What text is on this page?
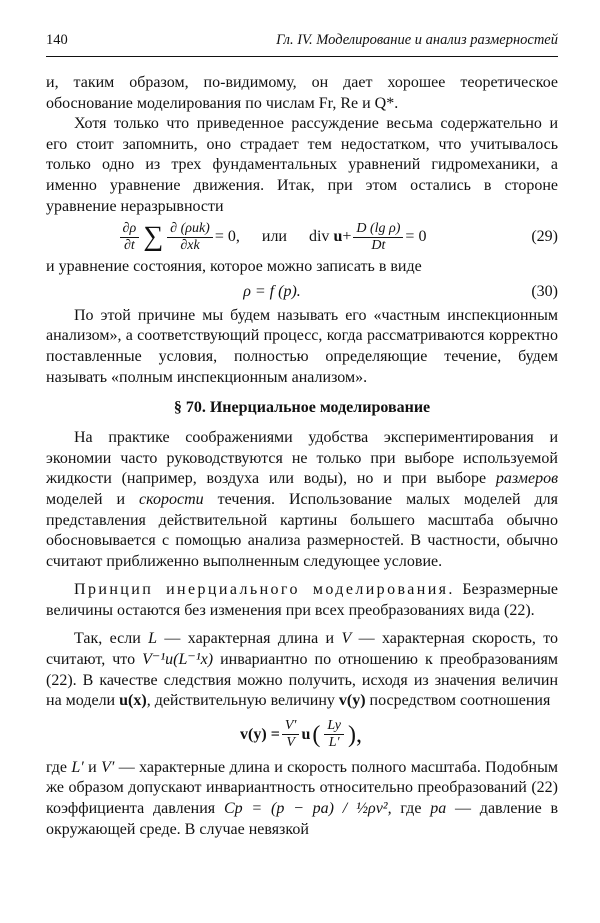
140	Гл. IV. Моделирование и анализ размерностей

и, таким образом, по-видимому, он дает хорошее теоретическое обоснование моделирования по числам Fr, Re и Q*.

Хотя только что приведенное рассуждение весьма содержательно и его стоит запомнить, оно страдает тем недостатком, что учитывалось только одно из трех фундаментальных уравнений гидромеханики, а именно уравнение движения. Итак, при этом остались в стороне уравнение неразрывности

$\frac{\partial\rho}{\partial t}$ ∑ $\frac{\text{∂ (ρuk)}}{\partial xk} = 0$, или div
$u + \frac{\text{D (lg ρ)}}{Dt} = 0$	(29)

и уравнение состояния, которое можно записать в виде

ρ = f (p).	(30)

По этой причине мы будем называть его «частным инспекционным анализом», а соответствующий процесс, когда рассматриваются корректно поставленные условия, полностью определяющие течение, будем называть «полным инспекционным анализом».

§ 70. Инерциальное моделирование

На практике соображениями удобства экспериментирования и экономии часто руководствуются не только при выборе используемой жидкости (например, воздуха или воды), но и при выборе размеров моделей и скорости течения. Использование малых моделей для представления действительной картины большего масштаба обычно обосновывается с помощью анализа размерностей. В частности, обычно считают приближенно выполненным следующее условие.

Принцип инерциального моделирования. Безразмерные величины остаются без изменения при всех преобразованиях вида (22).

Так, если L — характерная длина и V — характерная скорость, то считают, что V⁻¹u(L⁻¹x) инвариантно по отношению к преобразованиям (22). В качестве следствия можно получить, исходя из значения величин на модели u(x), действительную величину v(y) посредством соотношения

$v(y) = \frac{V'}{V}$ u ( $\frac{Ly}{L'}$ ),

где L′ и V′ — характерные длина и скорость полного масштаба. Подобным же образом допускают инвариантность относительно преобразований (22) коэффициента давления Cp = (p − pa) / ½ρv², где pa — давление в окружающей среде. В случае невязкой
